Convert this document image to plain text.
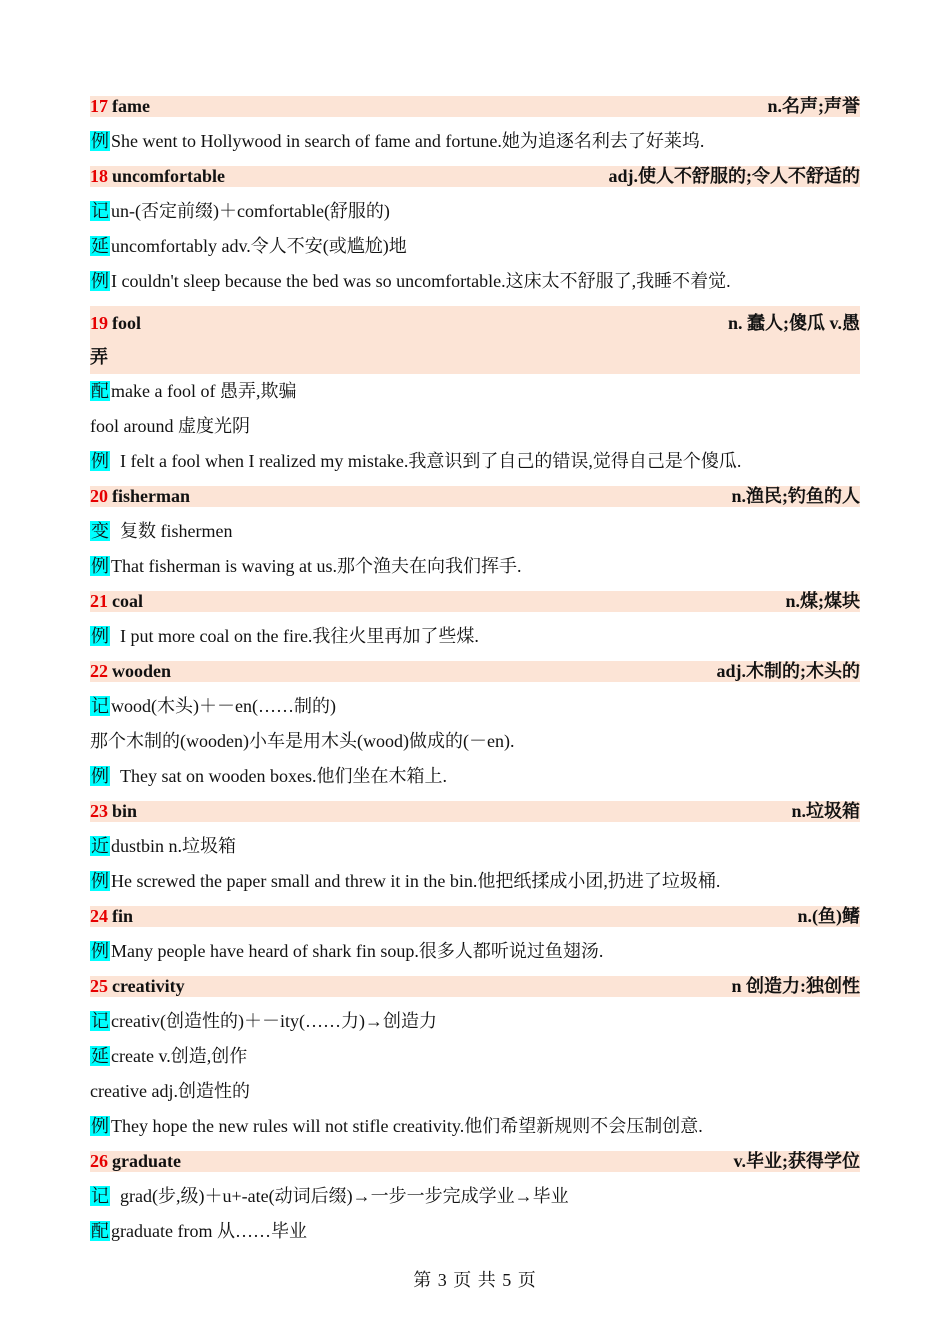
17 fame	n.名声;声誉
例 She went to Hollywood in search of fame and fortune.她为追逐名利去了好莱坞.
18 uncomfortable	adj.使人不舒服的;令人不舒适的
记 un-(否定前缀)＋comfortable(舒服的)
延 uncomfortably adv.令人不安(或尴尬)地
例 I couldn't sleep because the bed was so uncomfortable.这床太不舒服了,我睡不着觉.
19 fool	n. 蠢人;傻瓜 v.愚
弄
配 make a fool of 愚弄,欺骗
fool around 虚度光阴
例  I felt a fool when I realized my mistake.我意识到了自己的错误,觉得自己是个傻瓜.
20 fisherman	n.渔民;钓鱼的人
变  复数 fishermen
例 That fisherman is waving at us.那个渔夫在向我们挥手.
21 coal	n.煤;煤块
例  I put more coal on the fire.我往火里再加了些煤.
22 wooden	adj.木制的;木头的
记 wood(木头)＋－en(……制的)
那个木制的(wooden)小车是用木头(wood)做成的(－en).
例  They sat on wooden boxes.他们坐在木箱上.
23 bin	n.垃圾箱
近 dustbin n.垃圾箱
例 He screwed the paper small and threw it in the bin.他把纸揉成小团,扔进了垃圾桶.
24 fin	n.(鱼)鳍
例 Many people have heard of shark fin soup.很多人都听说过鱼翅汤.
25 creativity	n 创造力:独创性
记 creativ(创造性的)＋－ity(……力)→创造力
延 create v.创造,创作
creative adj.创造性的
例 They hope the new rules will not stifle creativity.他们希望新规则不会压制创意.
26 graduate	v.毕业;获得学位
记  grad(步,级)＋u+-ate(动词后缀)→一步一步完成学业→毕业
配 graduate from 从……毕业
第 3 页 共 5 页
